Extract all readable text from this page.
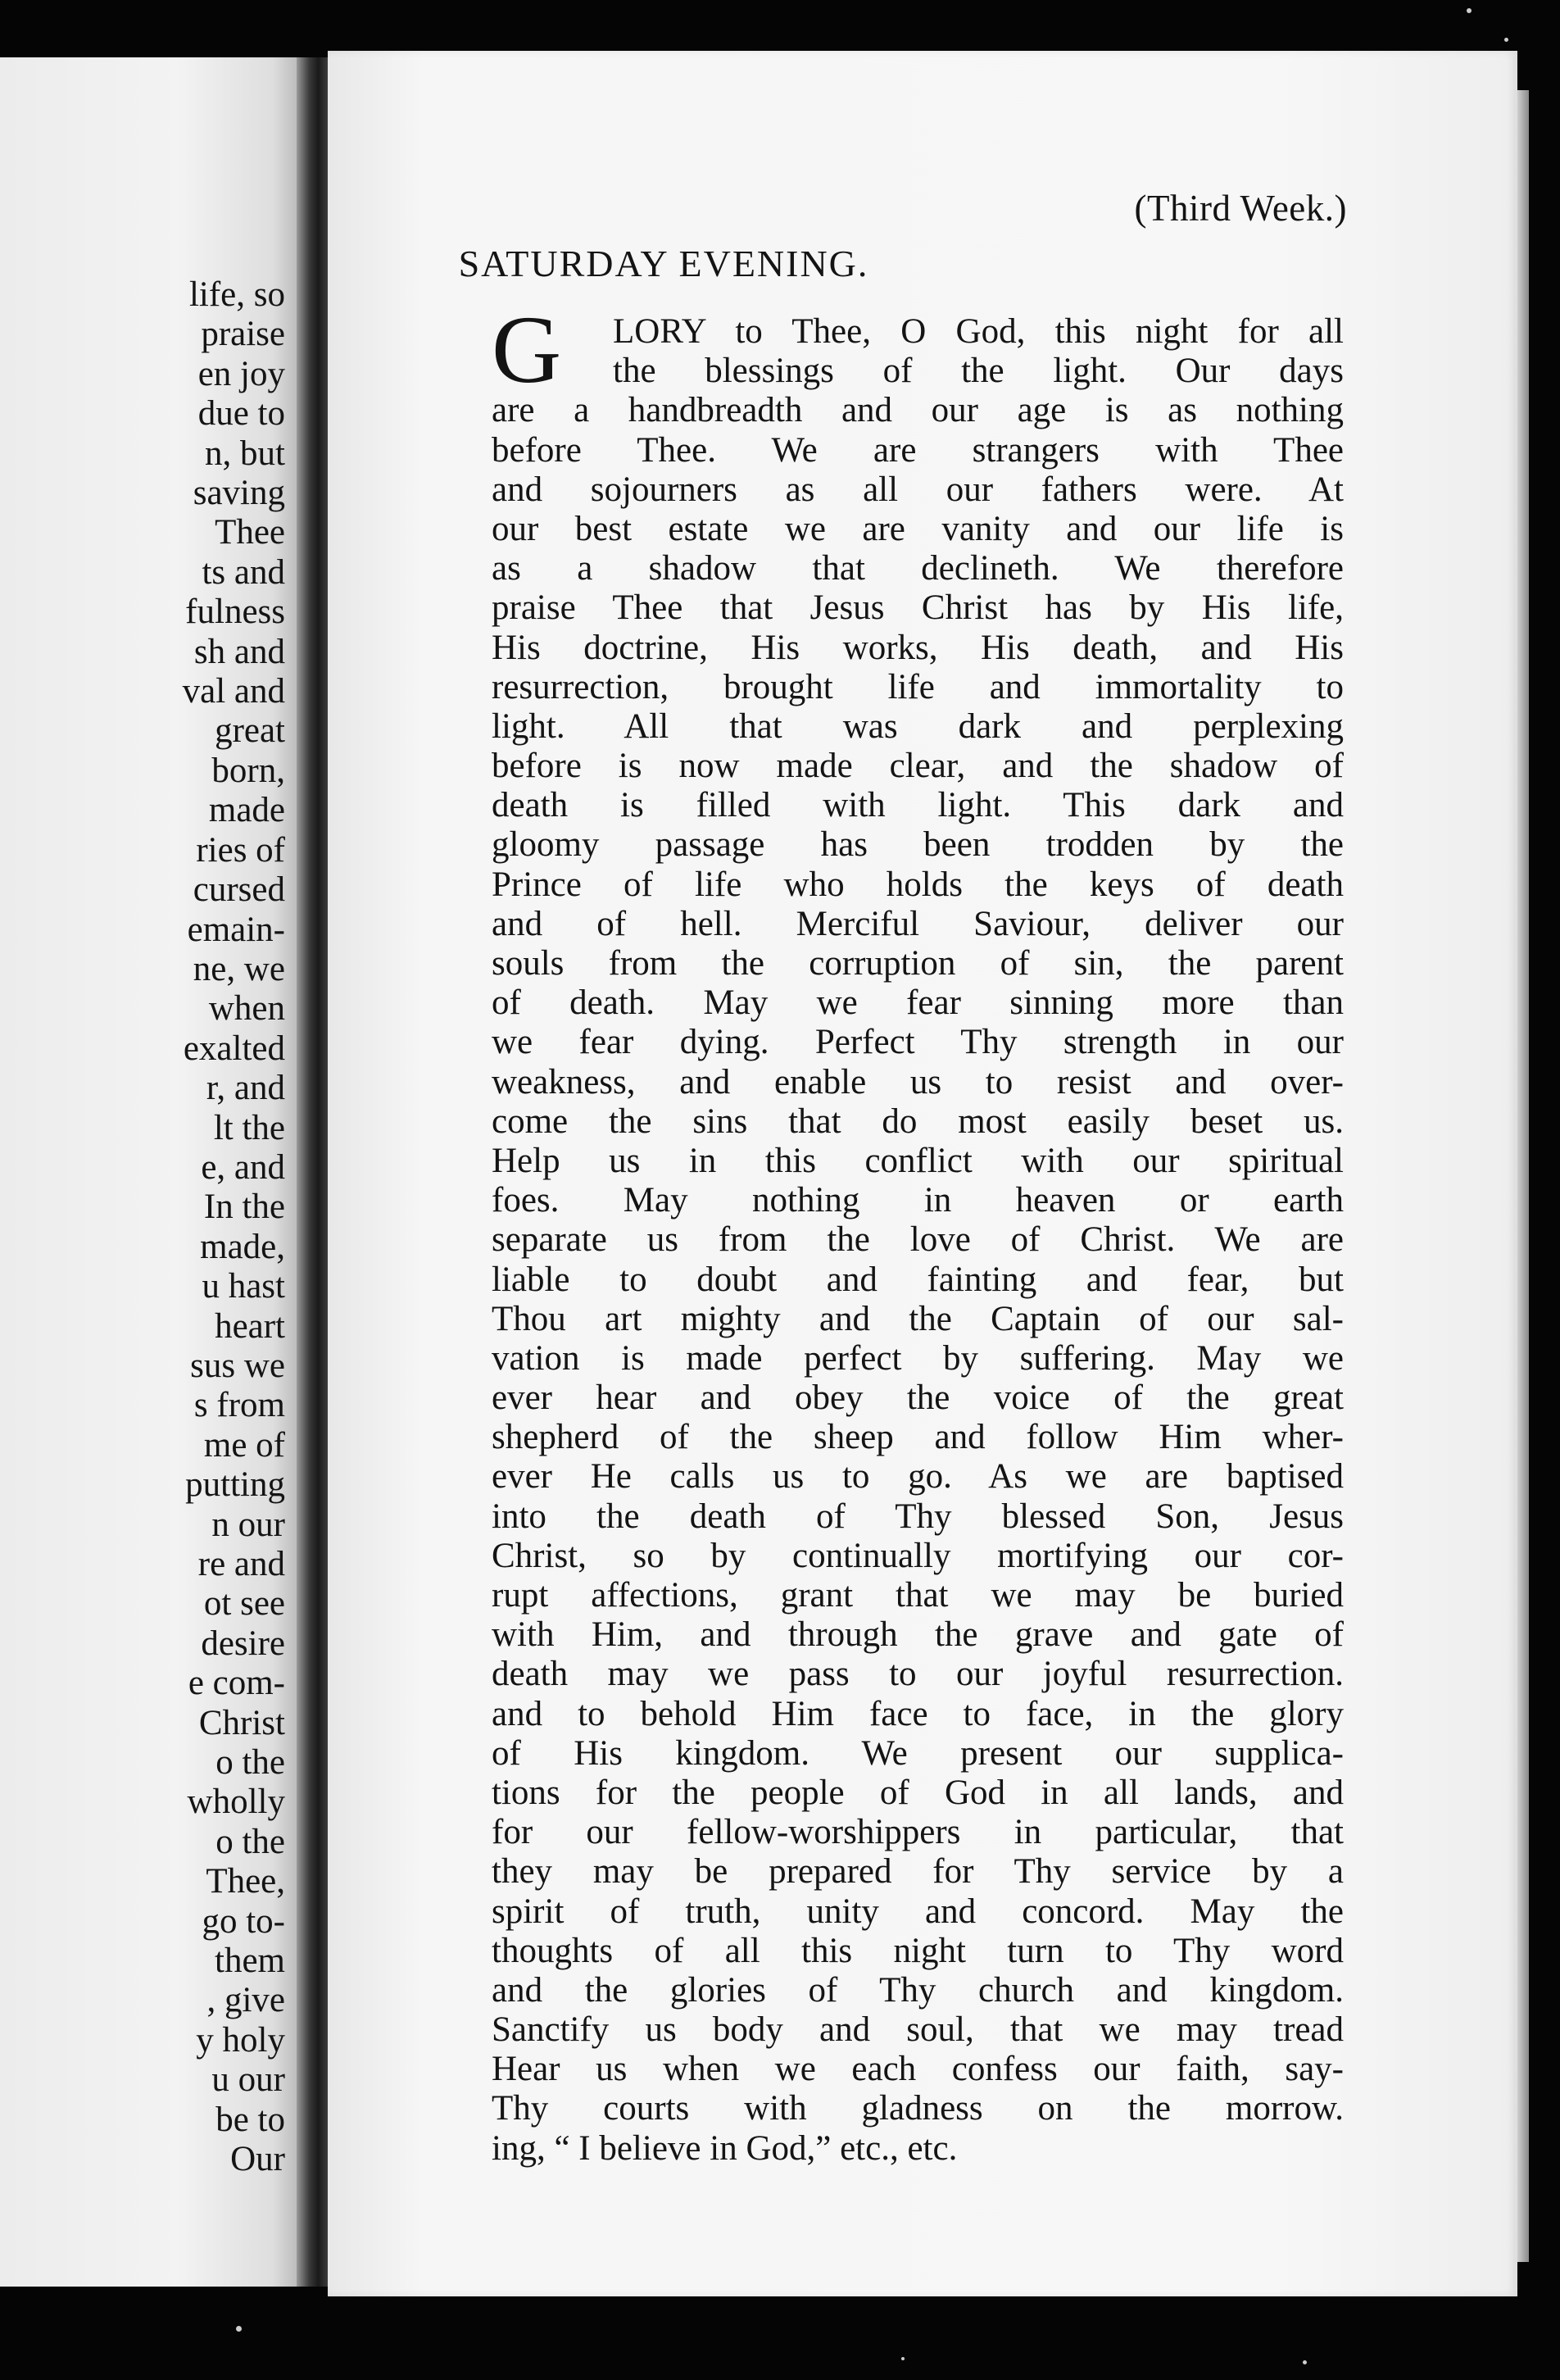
life, so
praise
en joy
due to
n, but
saving
Thee
ts and
fulness
sh and
val and
great
born,
made
ries of
cursed
emain-
ne, we
when
exalted
r, and
lt the
e, and
In the
made,
u hast
heart
sus we
s from
me of
putting
n our
re and
ot see
desire
e com-
Christ
o the
wholly
o the
Thee,
go to-
them
, give
y holy
u our
be to
Our
(Third Week.)
SATURDAY EVENING.
G	LORY to Thee, O God, this night for all
the blessings of the light. Our days
are a handbreadth and our age is as nothing
before Thee. We are strangers with Thee
and sojourners as all our fathers were. At
our best estate we are vanity and our life is
as a shadow that declineth. We therefore
praise Thee that Jesus Christ has by His life,
His doctrine, His works, His death, and His
resurrection, brought life and immortality to
light. All that was dark and perplexing
before is now made clear, and the shadow of
death is filled with light. This dark and
gloomy passage has been trodden by the
Prince of life who holds the keys of death
and of hell. Merciful Saviour, deliver our
souls from the corruption of sin, the parent
of death. May we fear sinning more than
we fear dying. Perfect Thy strength in our
weakness, and enable us to resist and over-
come the sins that do most easily beset us.
Help us in this conflict with our spiritual
foes. May nothing in heaven or earth
separate us from the love of Christ. We are
liable to doubt and fainting and fear, but
Thou art mighty and the Captain of our sal-
vation is made perfect by suffering. May we
ever hear and obey the voice of the great
shepherd of the sheep and follow Him wher-
ever He calls us to go. As we are baptised
into the death of Thy blessed Son, Jesus
Christ, so by continually mortifying our cor-
rupt affections, grant that we may be buried
with Him, and through the grave and gate of
death may we pass to our joyful resurrection.
and to behold Him face to face, in the glory
of His kingdom. We present our supplica-
tions for the people of God in all lands, and
for our fellow-worshippers in particular, that
they may be prepared for Thy service by a
spirit of truth, unity and concord. May the
thoughts of all this night turn to Thy word
and the glories of Thy church and kingdom.
Sanctify us body and soul, that we may tread
Hear us when we each confess our faith, say-
Thy courts with gladness on the morrow.
ing, “ I believe in God,” etc., etc.
